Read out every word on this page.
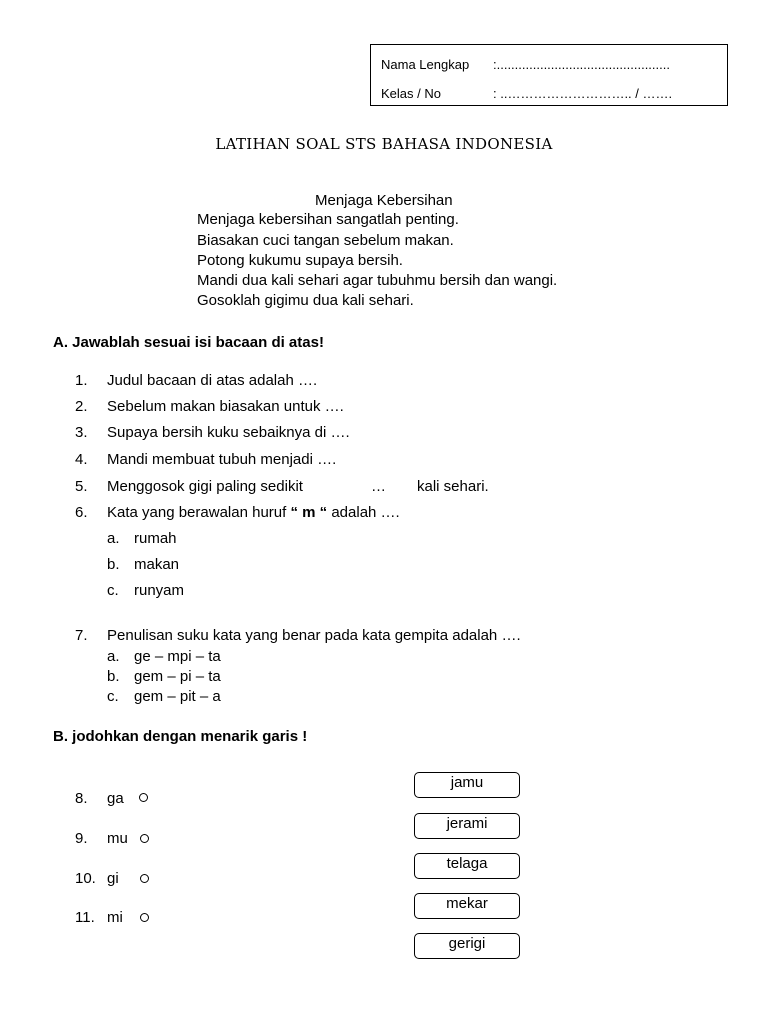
Nama Lengkap :................................................
Kelas / No	: ..……………………….. / …….
LATIHAN SOAL STS BAHASA INDONESIA
Menjaga Kebersihan
Menjaga kebersihan sangatlah penting.
Biasakan cuci tangan sebelum makan.
Potong kukumu supaya bersih.
Mandi dua kali sehari agar tubuhmu bersih dan wangi.
Gosoklah gigimu dua kali sehari.
A. Jawablah sesuai isi bacaan di atas!
1. Judul bacaan di atas adalah ….
2. Sebelum makan biasakan untuk ….
3. Supaya bersih kuku sebaiknya di ….
4. Mandi membuat tubuh menjadi ….
5. Menggosok gigi paling sedikit	… kali sehari.
6. Kata yang berawalan huruf “ m “ adalah ….
a. rumah
b. makan
c. runyam
7. Penulisan suku kata yang benar pada kata gempita adalah ….
a. ge – mpi – ta
b. gem – pi – ta
c. gem – pit – a
B. jodohkan dengan menarik garis !
8. ga
9. mu
10. gi
11. mi
jamu
jerami
telaga
mekar
gerigi
